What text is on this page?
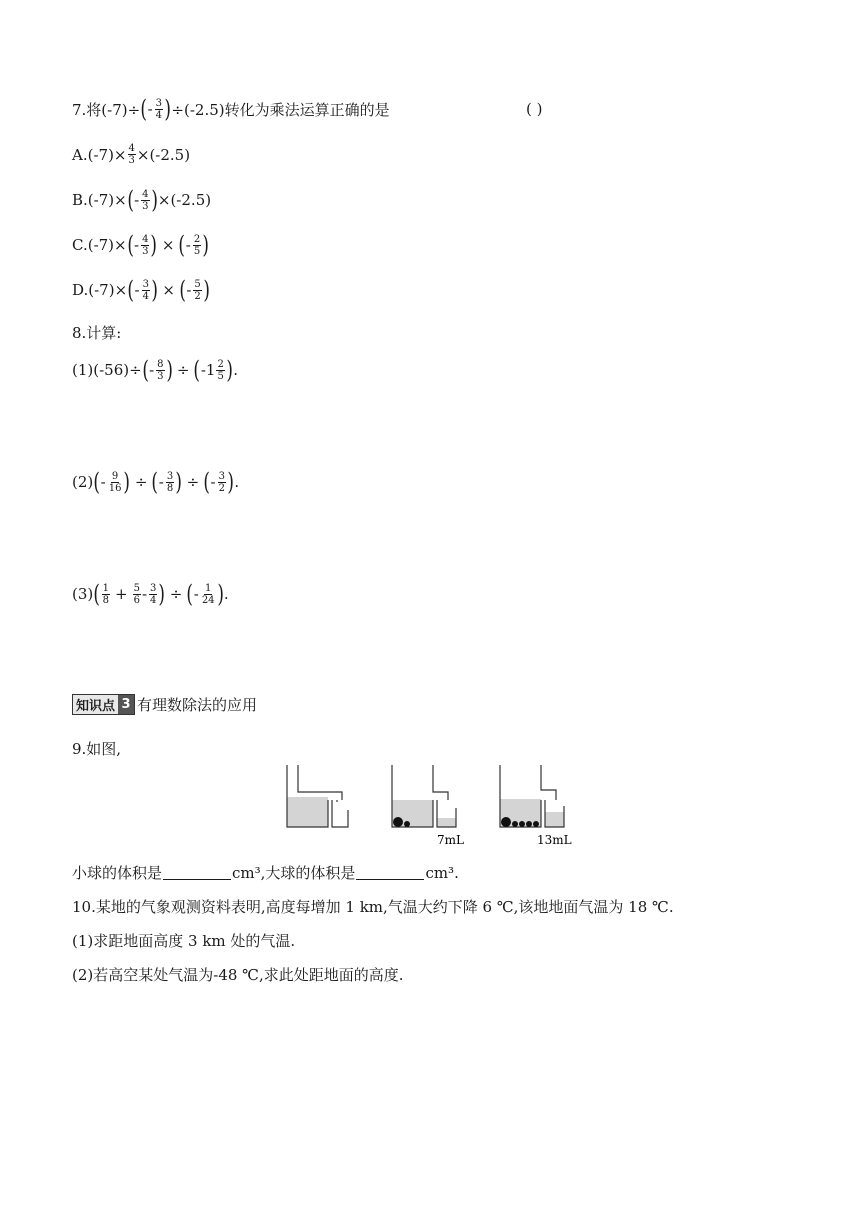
7.将(-7)÷ ( - $\frac{3}{4}$ ) ÷(-2.5)转化为乘法运算正确的是	( )
$A.(-7)\times \frac{4}{3} \times(-2.5)$
B.(-7)× ( - $\frac{4}{3}$ ) ×(-2.5)
C.(-7)× ( - $\frac{4}{3}$ ) × ( - $\frac{2}{5}$ )
D.(-7)× ( - $\frac{3}{4}$ ) × ( - $\frac{5}{2}$ )
8.计算:
(1)(-56)÷ ( - $\frac{8}{3}$ ) ÷ ( $-1 \frac{2}{5}$ ) .
(2) ( - $\frac{9}{16}$ ) ÷ ( - $\frac{3}{8}$ ) ÷ ( - $\frac{3}{2}$ ) .
(3) ( $\frac{1}{8} + \frac{5}{6} - \frac{3}{4}$ ) ÷ ( - $\frac{1}{24}$ ) .
知识点 3 有理数除法的应用
9.如图,
7mL	13mL
小球的体积是	cm³,大球的体积是	cm³.
10.某地的气象观测资料表明,高度每增加 1 km,气温大约下降 6 ℃,该地地面气温为 18 ℃.
(1)求距地面高度 3 km 处的气温.
(2)若高空某处气温为-48 ℃,求此处距地面的高度.
